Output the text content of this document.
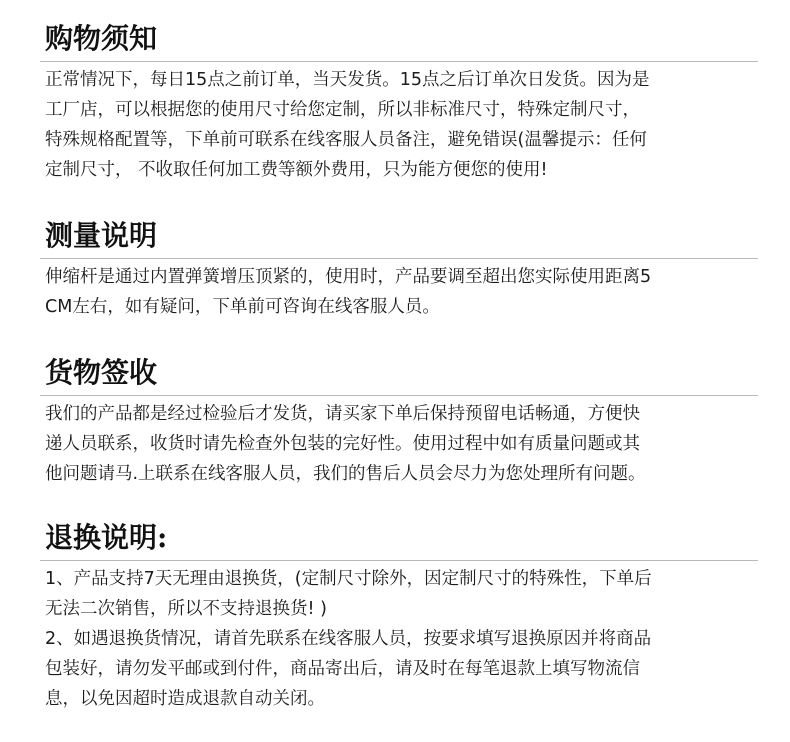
购物须知

正常情况下，每日15点之前订单，当天发货。15点之后订单次日发货。因为是
工厂店，可以根据您的使用尺寸给您定制，所以非标准尺寸，特殊定制尺寸，
特殊规格配置等，下单前可联系在线客服人员备注，避免错误(温馨提示：任何
定制尺寸， 不收取任何加工费等额外费用，只为能方便您的使用!

测量说明

伸缩杆是通过内置弹簧增压顶紧的，使用时，产品要调至超出您实际使用距离5
CM左右，如有疑问，下单前可咨询在线客服人员。

货物签收

我们的产品都是经过检验后才发货，请买家下单后保持预留电话畅通，方便快
递人员联系，收货时请先检查外包装的完好性。使用过程中如有质量问题或其
他问题请马.上联系在线客服人员，我们的售后人员会尽力为您处理所有问题。

退换说明:

1、产品支持7天无理由退换货，(定制尺寸除外，因定制尺寸的特殊性，下单后
无法二次销售，所以不支持退换货! )
2、如遇退换货情况，请首先联系在线客服人员，按要求填写退换原因并将商品
包装好，请勿发平邮或到付件，商品寄出后，请及时在每笔退款上填写物流信
息，以免因超时造成退款自动关闭。
